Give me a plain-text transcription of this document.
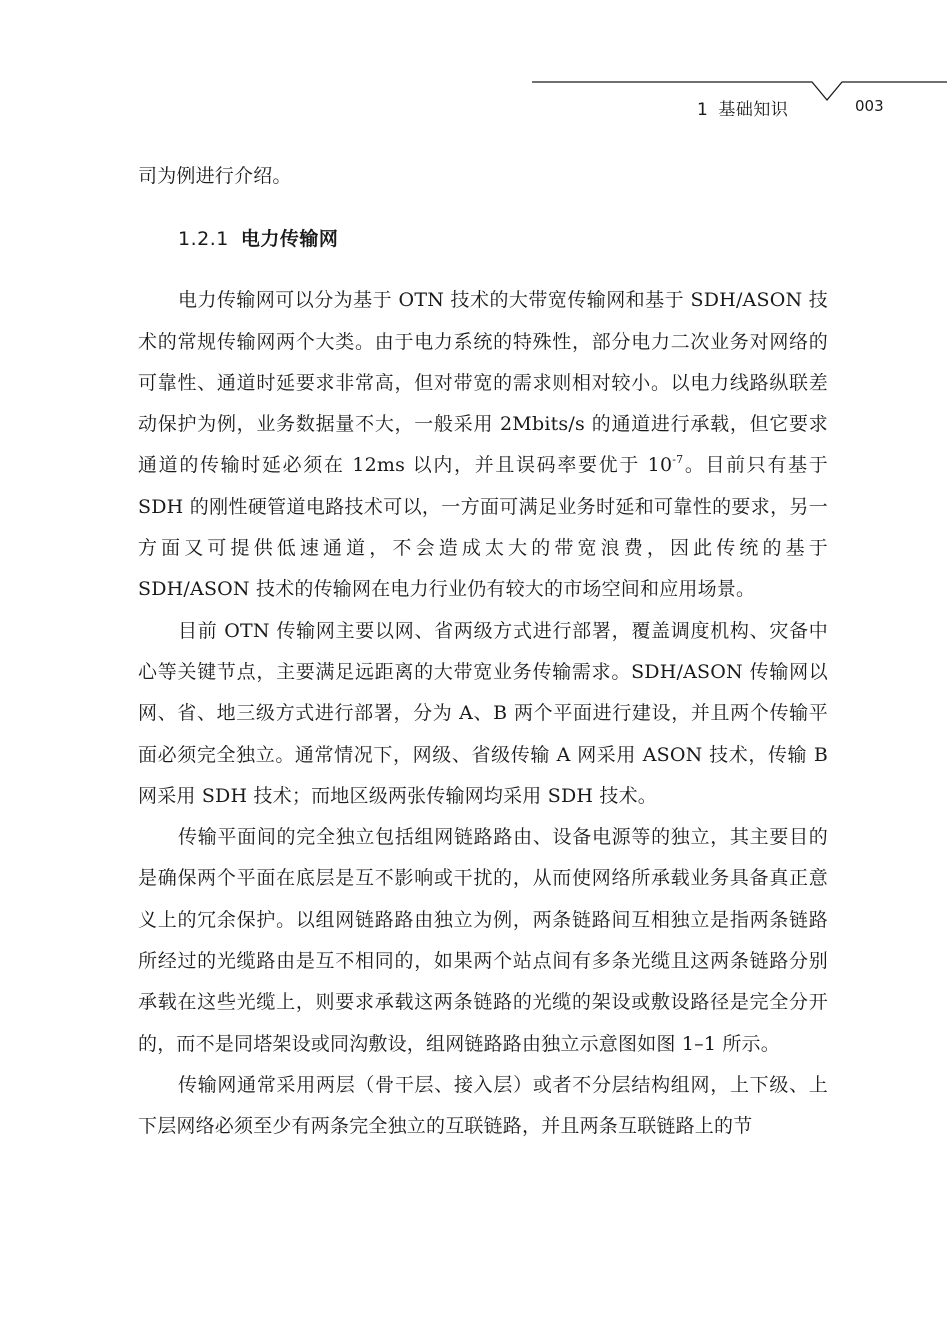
1 基础知识	003

司为例进行介绍。

1.2.1 电力传输网

电力传输网可以分为基于 OTN 技术的大带宽传输网和基于 SDH/ASON 技术的常规传输网两个大类。由于电力系统的特殊性，部分电力二次业务对网络的可靠性、通道时延要求非常高，但对带宽的需求则相对较小。以电力线路纵联差动保护为例，业务数据量不大，一般采用 2Mbits/s 的通道进行承载，但它要求通道的传输时延必须在 12ms 以内，并且误码率要优于 $10^{-7}$。目前只有基于 SDH 的刚性硬管道电路技术可以，一方面可满足业务时延和可靠性的要求，另一方面又可提供低速通道，不会造成太大的带宽浪费，因此传统的基于 SDH/ASON 技术的传输网在电力行业仍有较大的市场空间和应用场景。

目前 OTN 传输网主要以网、省两级方式进行部署，覆盖调度机构、灾备中心等关键节点，主要满足远距离的大带宽业务传输需求。SDH/ASON 传输网以网、省、地三级方式进行部署，分为 A、B 两个平面进行建设，并且两个传输平面必须完全独立。通常情况下，网级、省级传输 A 网采用 ASON 技术，传输 B 网采用 SDH 技术；而地区级两张传输网均采用 SDH 技术。

传输平面间的完全独立包括组网链路路由、设备电源等的独立，其主要目的是确保两个平面在底层是互不影响或干扰的，从而使网络所承载业务具备真正意义上的冗余保护。以组网链路路由独立为例，两条链路间互相独立是指两条链路所经过的光缆路由是互不相同的，如果两个站点间有多条光缆且这两条链路分别承载在这些光缆上，则要求承载这两条链路的光缆的架设或敷设路径是完全分开的，而不是同塔架设或同沟敷设，组网链路路由独立示意图如图 1–1 所示。

传输网通常采用两层（骨干层、接入层）或者不分层结构组网，上下级、上下层网络必须至少有两条完全独立的互联链路，并且两条互联链路上的节
